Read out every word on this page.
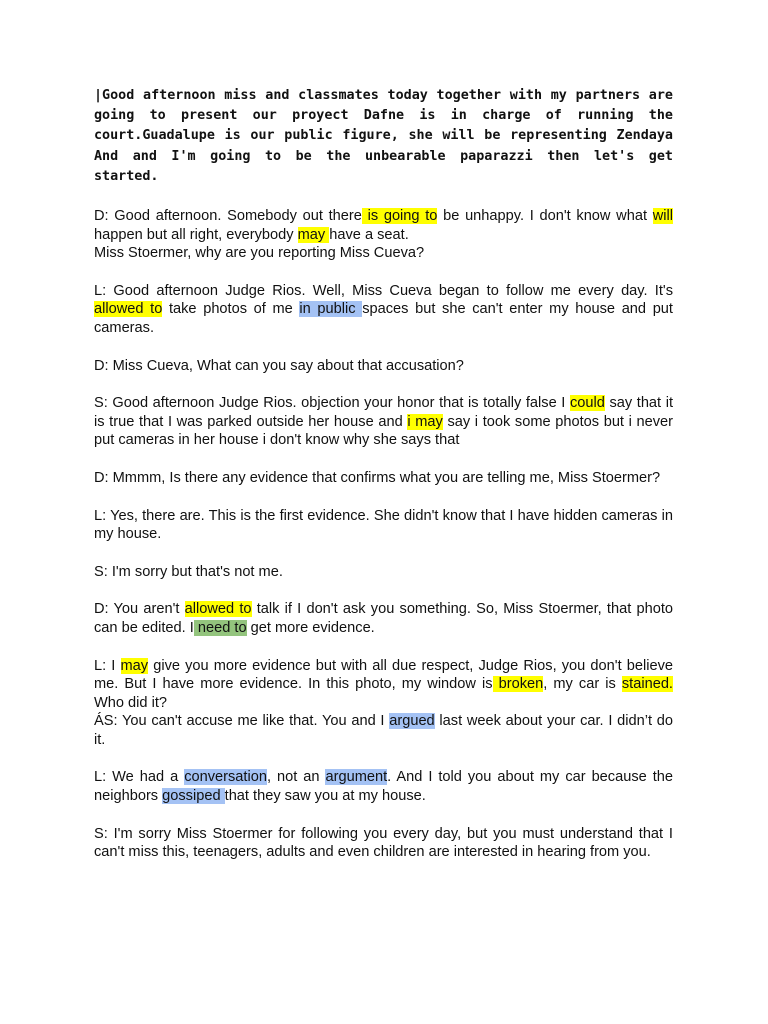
|Good afternoon miss and classmates today together with my partners are going to present our proyect Dafne is in charge of running the court.Guadalupe is our public figure, she will be representing Zendaya And and I'm going to be the unbearable paparazzi then let's get started.
D: Good afternoon. Somebody out there is going to be unhappy. I don't know what will happen but all right, everybody may have a seat.
Miss Stoermer, why are you reporting Miss Cueva?
L: Good afternoon Judge Rios. Well, Miss Cueva began to follow me every day. It's allowed to take photos of me in public spaces but she can't enter my house and put cameras.
D: Miss Cueva, What can you say about that accusation?
S: Good afternoon Judge Rios. objection your honor that is totally false I could say that it is true that I was parked outside her house and i may say i took some photos but i never put cameras in her house i don't know why she says that
D: Mmmm, Is there any evidence that confirms what you are telling me, Miss Stoermer?
L: Yes, there are. This is the first evidence. She didn't know that I have hidden cameras in my house.
S: I'm sorry but that's not me.
D: You aren't allowed to talk if I don't ask you something. So, Miss Stoermer, that photo can be edited. I need to get more evidence.
L: I may give you more evidence but with all due respect, Judge Rios, you don't believe me. But I have more evidence. In this photo, my window is broken, my car is stained. Who did it?
ÁS: You can't accuse me like that. You and I argued last week about your car. I didn’t do it.
L: We had a conversation, not an argument. And I told you about my car because the neighbors gossiped that they saw you at my house.
S: I'm sorry Miss Stoermer for following you every day, but you must understand that I can't miss this, teenagers, adults and even children are interested in hearing from you.
